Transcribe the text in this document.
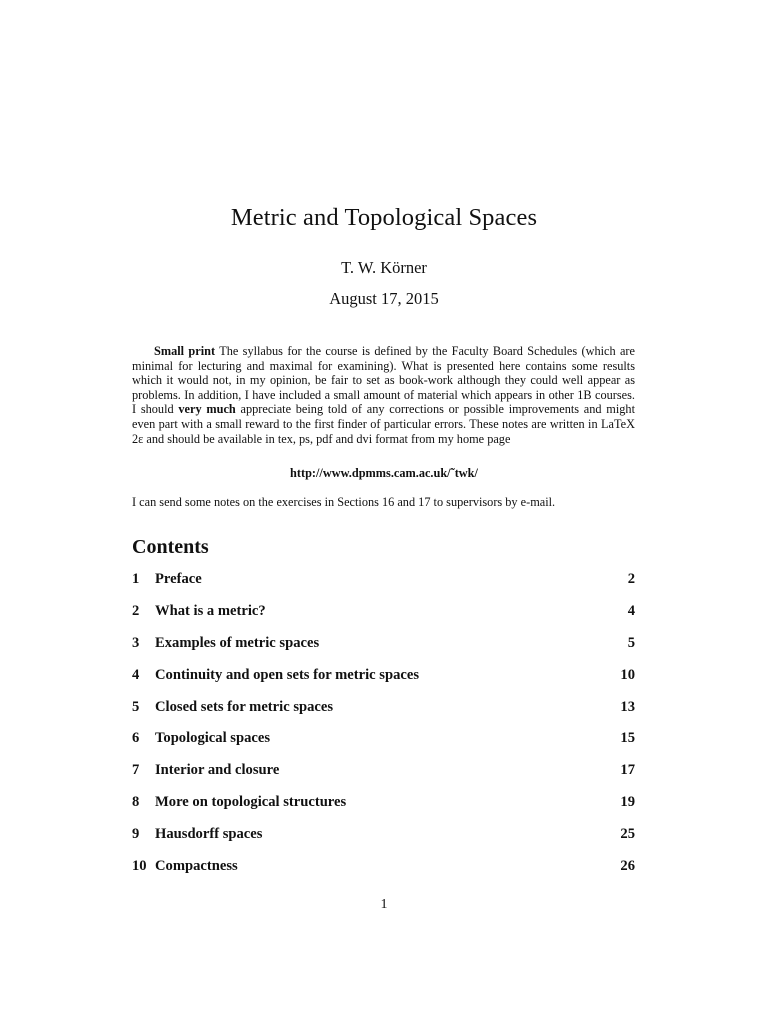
Metric and Topological Spaces
T. W. Körner
August 17, 2015
Small print The syllabus for the course is defined by the Faculty Board Schedules (which are minimal for lecturing and maximal for examining). What is presented here contains some results which it would not, in my opinion, be fair to set as book-work although they could well appear as problems. In addition, I have included a small amount of material which appears in other 1B courses. I should very much appreciate being told of any corrections or possible improvements and might even part with a small reward to the first finder of particular errors. These notes are written in LaTeX 2ε and should be available in tex, ps, pdf and dvi format from my home page
http://www.dpmms.cam.ac.uk/˜twk/
I can send some notes on the exercises in Sections 16 and 17 to supervisors by e-mail.
Contents
1 Preface	2
2 What is a metric?	4
3 Examples of metric spaces	5
4 Continuity and open sets for metric spaces	10
5 Closed sets for metric spaces	13
6 Topological spaces	15
7 Interior and closure	17
8 More on topological structures	19
9 Hausdorff spaces	25
10 Compactness	26
1
